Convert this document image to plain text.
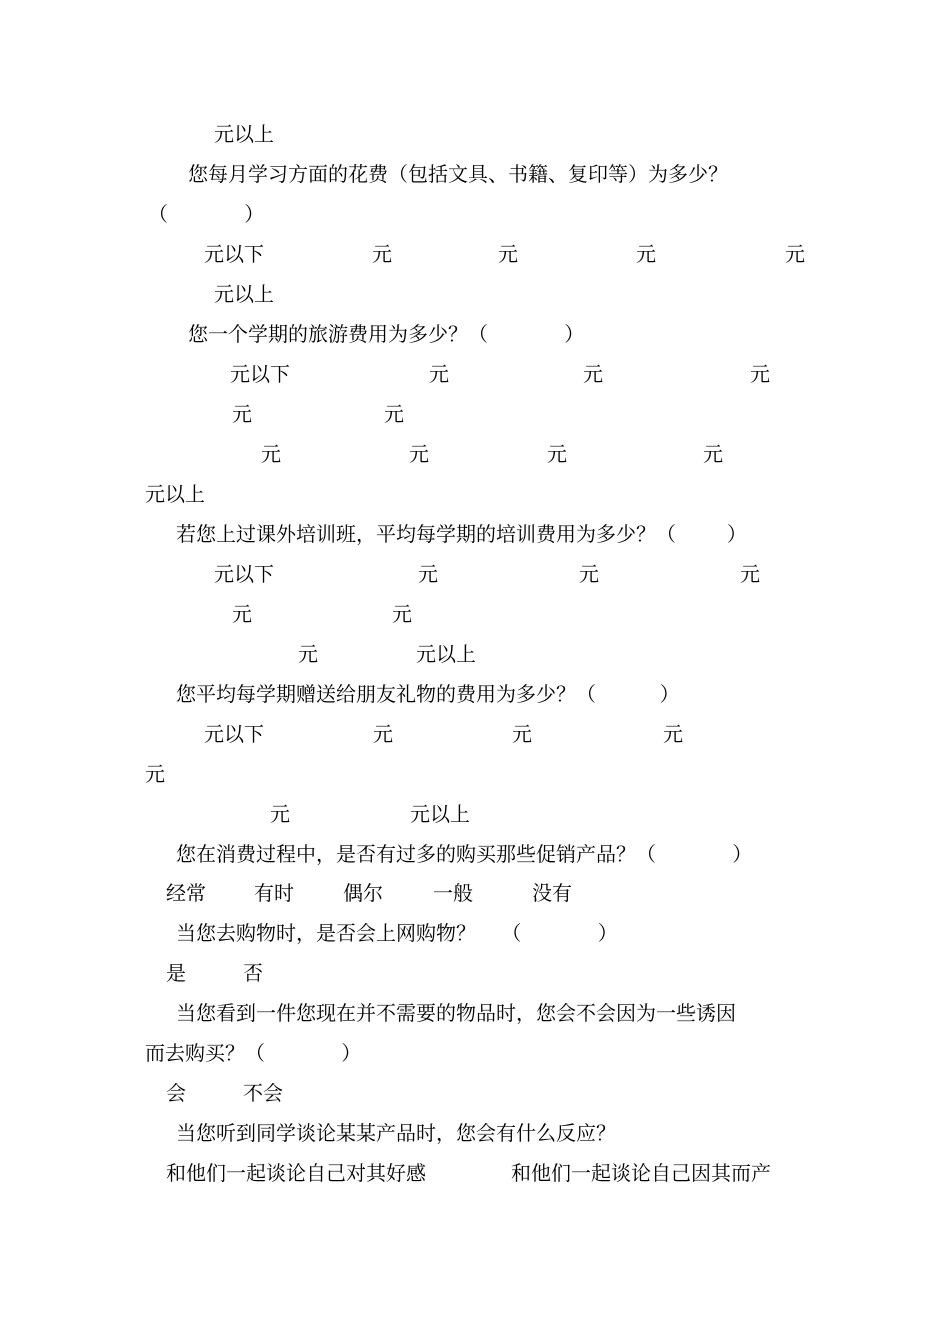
元以上
您每月学习方面的花费（包括文具、书籍、复印等）为多少？
（            ）
元以下	元	元	元	元
元以上
您一个学期的旅游费用为多少？（            ）
元以下	元	元	元
元	元
元	元	元	元
元以上
若您上过课外培训班，平均每学期的培训费用为多少？（        ）
元以下	元	元	元
元	元
元	元以上
您平均每学期赠送给朋友礼物的费用为多少？（          ）
元以下	元	元	元
元
元	元以上
您在消费过程中，是否有过多的购买那些促销产品？（            ）
经常 有时 偶尔	一般	没有
当您去购物时，是否会上网购物？    （            ）
是	否
当您看到一件您现在并不需要的物品时，您会不会因为一些诱因
而去购买？（            ）
会	不会
当您听到同学谈论某某产品时，您会有什么反应？
和他们一起谈论自己对其好感	和他们一起谈论自己因其而产
